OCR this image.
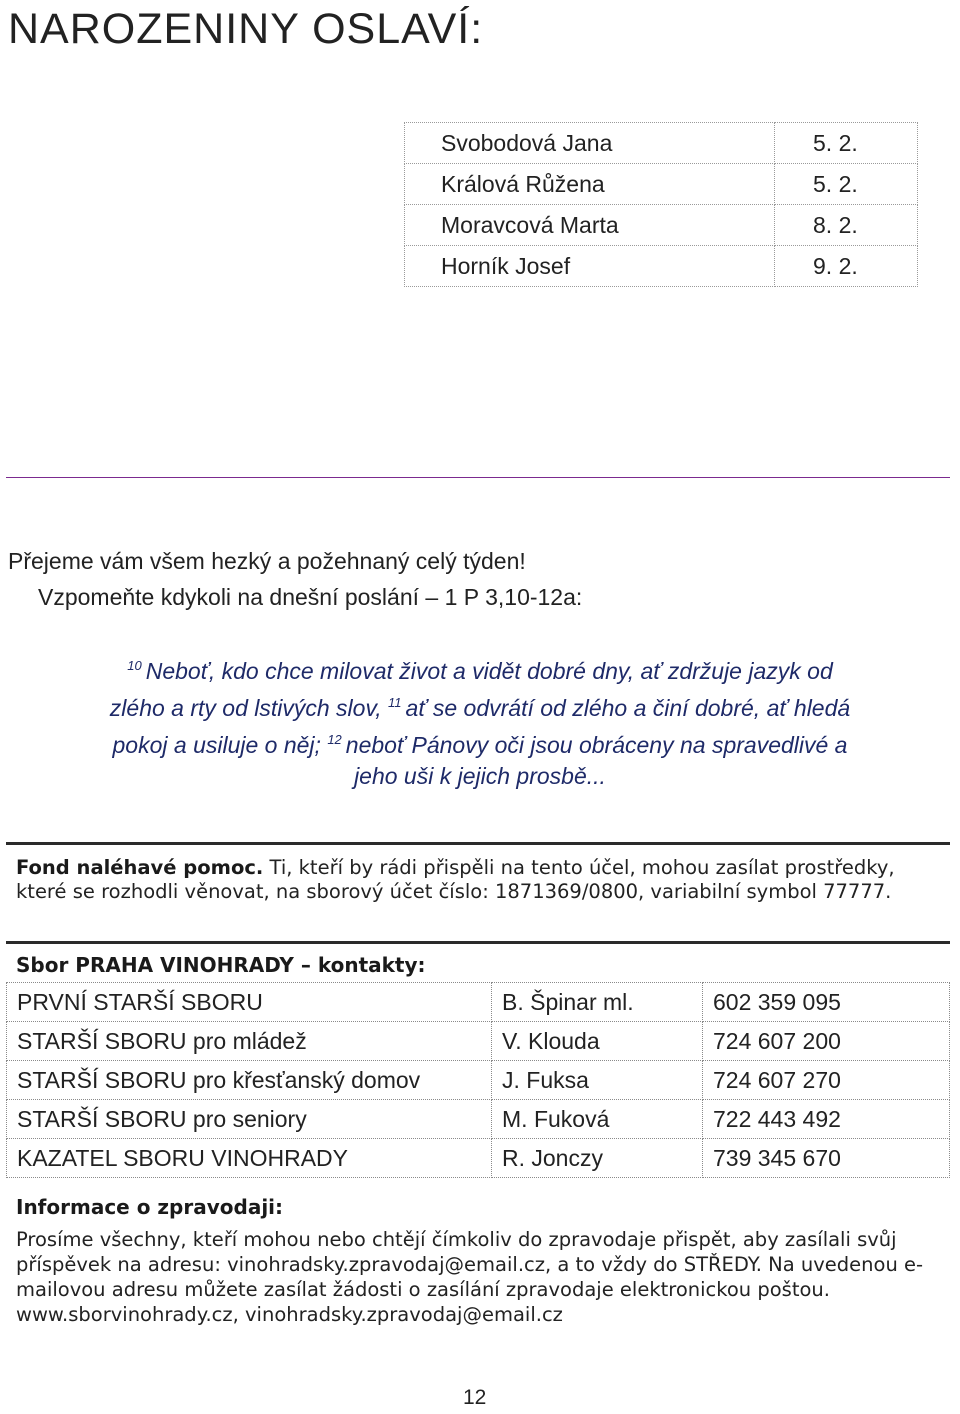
NAROZENINY OSLAVÍ:
Svobodová Jana	5. 2.
Králová Růžena	5. 2.
Moravcová Marta	8. 2.
Horník Josef	9. 2.
Přejeme vám všem hezký a požehnaný celý týden!
Vzpomeňte kdykoli na dnešní poslání – 1 P 3,10-12a:

$^{10}$ Neboť, kdo chce milovat život a vidět dobré dny, ať zdržuje jazyk od zlého a rty od lstivých slov, $^{11}$ ať se odvrátí od zlého a činí dobré, ať hledá pokoj a usiluje o něj; $^{12}$ neboť Pánovy oči jsou obráceny na spravedlivé a jeho uši k jejich prosbě...

Fond naléhavé pomoc. Ti, kteří by rádi přispěli na tento účel, mohou zasílat prostředky, které se rozhodli věnovat, na sborový účet číslo: 1871369/0800, variabilní symbol 77777.
Sbor PRAHA VINOHRADY – kontakty:
PRVNÍ STARŠÍ SBORU	B. Špinar ml.	602 359 095
STARŠÍ SBORU pro mládež	V. Klouda	724 607 200
STARŠÍ SBORU pro křesťanský domov	J. Fuksa	724 607 270
STARŠÍ SBORU pro seniory	M. Fuková	722 443 492
KAZATEL SBORU VINOHRADY	R. Jonczy	739 345 670
Informace o zpravodaji:

Prosíme všechny, kteří mohou nebo chtějí čímkoliv do zpravodaje přispět, aby zasílali svůj příspěvek na adresu: vinohradsky.zpravodaj@email.cz, a to vždy do STŘEDY. Na uvedenou e-mailovou adresu můžete zasílat žádosti o zasílání zpravodaje elektronickou poštou.

www.sborvinohrady.cz, vinohradsky.zpravodaj@email.cz

12
